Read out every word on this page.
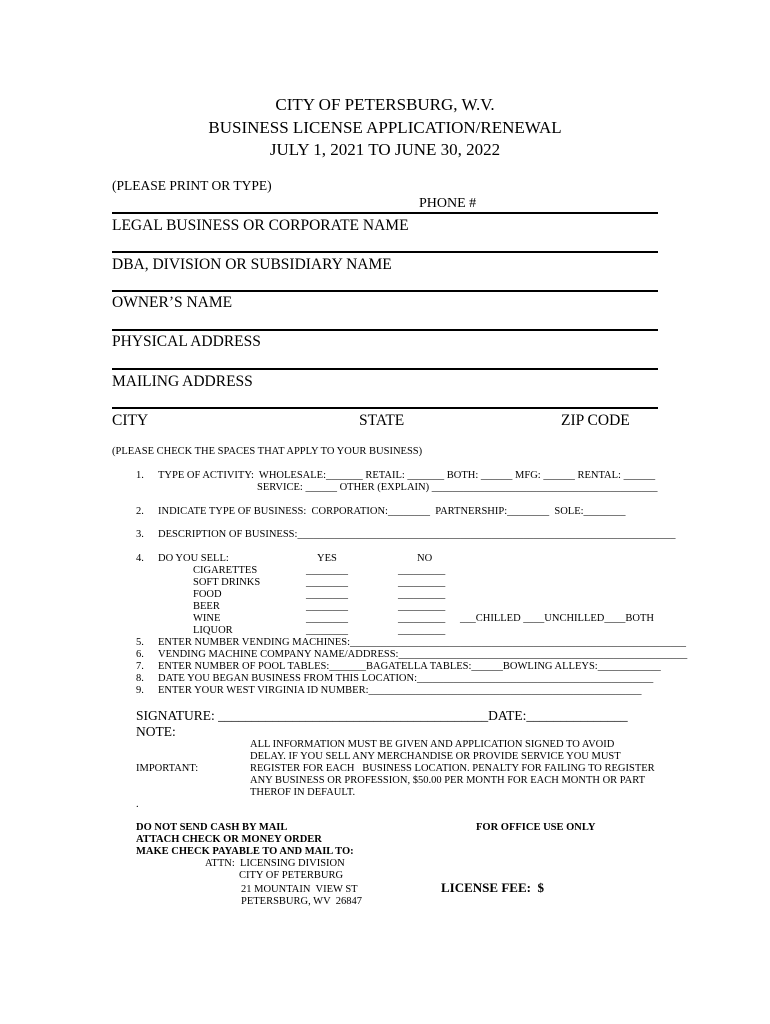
CITY OF PETERSBURG, W.V.
BUSINESS LICENSE APPLICATION/RENEWAL
JULY 1, 2021 TO JUNE 30, 2022
(PLEASE PRINT OR TYPE)
PHONE #
LEGAL BUSINESS OR CORPORATE NAME
DBA, DIVISION OR SUBSIDIARY NAME
OWNER’S NAME
PHYSICAL ADDRESS
MAILING ADDRESS
CITY	STATE	ZIP CODE
(PLEASE CHECK THE SPACES THAT APPLY TO YOUR BUSINESS)
1. TYPE OF ACTIVITY:  WHOLESALE:_______ RETAIL: _______ BOTH: ______ MFG: ______ RENTAL: ______
SERVICE: ______ OTHER (EXPLAIN) ___________________________________________
2. INDICATE TYPE OF BUSINESS:  CORPORATION:________  PARTNERSHIP:________  SOLE:________
3. DESCRIPTION OF BUSINESS:________________________________________________________________________
4. DO YOU SELL:	YES	NO
CIGARETTES	________	_________
SOFT DRINKS	________	_________
FOOD	________	_________
BEER	________	_________
WINE	________	_________ ___CHILLED ____UNCHILLED____BOTH
LIQUOR	________	_________
5. ENTER NUMBER VENDING MACHINES:________________________________________________________________
6. VENDING MACHINE COMPANY NAME/ADDRESS:_______________________________________________________
7. ENTER NUMBER OF POOL TABLES:_______BAGATELLA TABLES:______BOWLING ALLEYS:____________
8. DATE YOU BEGAN BUSINESS FROM THIS LOCATION:_____________________________________________
9. ENTER YOUR WEST VIRGINIA ID NUMBER:____________________________________________________
SIGNATURE: ________________________________________DATE:_______________
NOTE:
IMPORTANT:
ALL INFORMATION MUST BE GIVEN AND APPLICATION SIGNED TO AVOID
DELAY. IF YOU SELL ANY MERCHANDISE OR PROVIDE SERVICE YOU MUST
REGISTER FOR EACH   BUSINESS LOCATION. PENALTY FOR FAILING TO REGISTER
ANY BUSINESS OR PROFESSION, $50.00 PER MONTH FOR EACH MONTH OR PART
THEROF IN DEFAULT.
.
DO NOT SEND CASH BY MAIL
ATTACH CHECK OR MONEY ORDER
MAKE CHECK PAYABLE TO AND MAIL TO:
ATTN:  LICENSING DIVISION
CITY OF PETERBURG
21 MOUNTAIN  VIEW ST
PETERSBURG, WV  26847
FOR OFFICE USE ONLY
LICENSE FEE:  $
